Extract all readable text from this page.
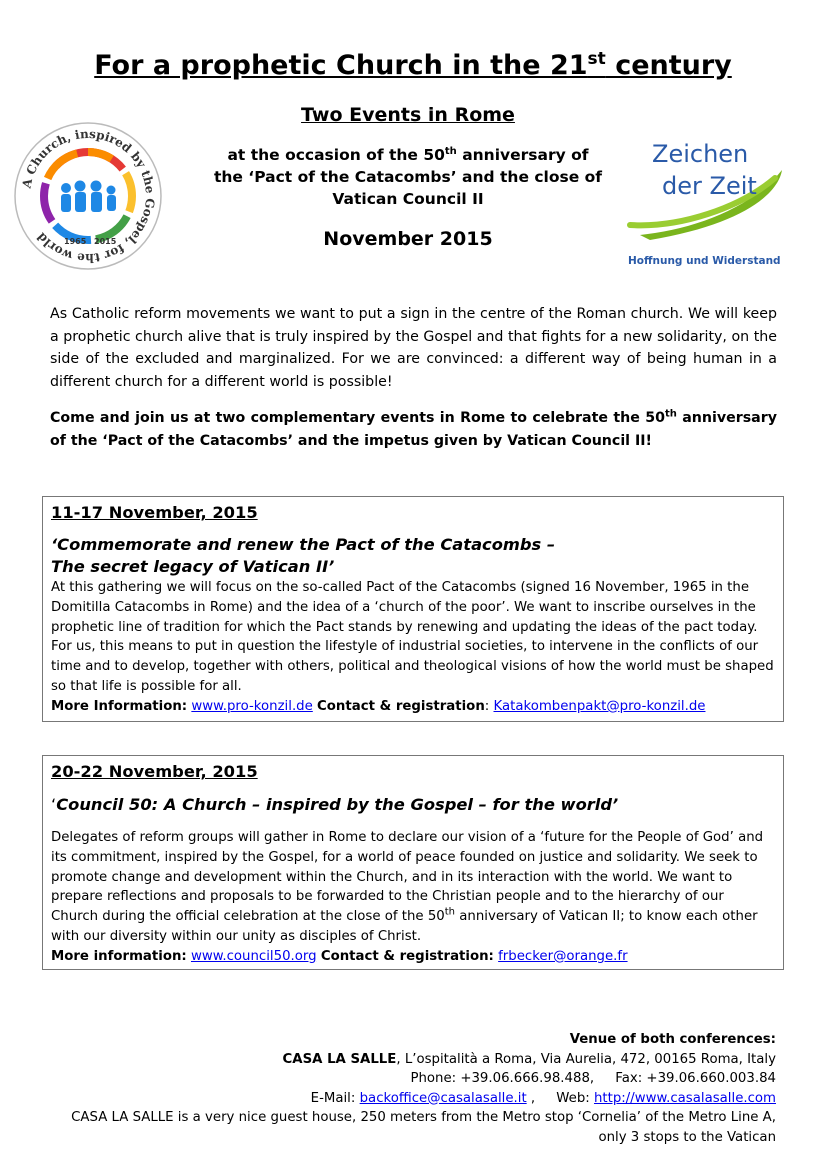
For a prophetic Church in the 21st century
A Church, inspired by the Gospel, for the world	1965 2015
Two Events in Rome
at the occasion of the 50th anniversary of
the ‘Pact of the Catacombs’ and the close of
Vatican Council II
November 2015
Zeichen
der Zeit
Hoffnung und Widerstand
As Catholic reform movements we want to put a sign in the centre of the Roman church. We will keep a prophetic church alive that is truly inspired by the Gospel and that fights for a new solidarity, on the side of the excluded and marginalized. For we are convinced: a different way of being human in a different church for a different world is possible!
Come and join us at two complementary events in Rome to celebrate the 50th anniversary of the ‘Pact of the Catacombs’ and the impetus given by Vatican Council II!
11-17 November, 2015
‘Commemorate and renew the Pact of the Catacombs –
The secret legacy of Vatican II’
At this gathering we will focus on the so-called Pact of the Catacombs (signed 16 November, 1965 in the Domitilla Catacombs in Rome) and the idea of a ‘church of the poor’. We want to inscribe ourselves in the prophetic line of tradition for which the Pact stands by renewing and updating the ideas of the pact today. For us, this means to put in question the lifestyle of industrial societies, to intervene in the conflicts of our time and to develop, together with others, political and theological visions of how the world must be shaped so that life is possible for all.
More Information: www.pro-konzil.de Contact & registration: Katakombenpakt@pro-konzil.de
20-22 November, 2015
‘Council 50: A Church – inspired by the Gospel – for the world’
Delegates of reform groups will gather in Rome to declare our vision of a ‘future for the People of God’ and its commitment, inspired by the Gospel, for a world of peace founded on justice and solidarity. We seek to promote change and development within the Church, and in its interaction with the world. We want to prepare reflections and proposals to be forwarded to the Christian people and to the hierarchy of our Church during the official celebration at the close of the 50th anniversary of Vatican II; to know each other with our diversity within our unity as disciples of Christ.
More information: www.council50.org Contact & registration: frbecker@orange.fr
Venue of both conferences:
CASA LA SALLE, L’ospitalità a Roma, Via Aurelia, 472, 00165 Roma, Italy
Phone: +39.06.666.98.488, Fax: +39.06.660.003.84
E-Mail: backoffice@casalasalle.it ,     Web: http://www.casalasalle.com
CASA LA SALLE is a very nice guest house, 250 meters from the Metro stop ‘Cornelia’ of the Metro Line A, only 3 stops to the Vatican
